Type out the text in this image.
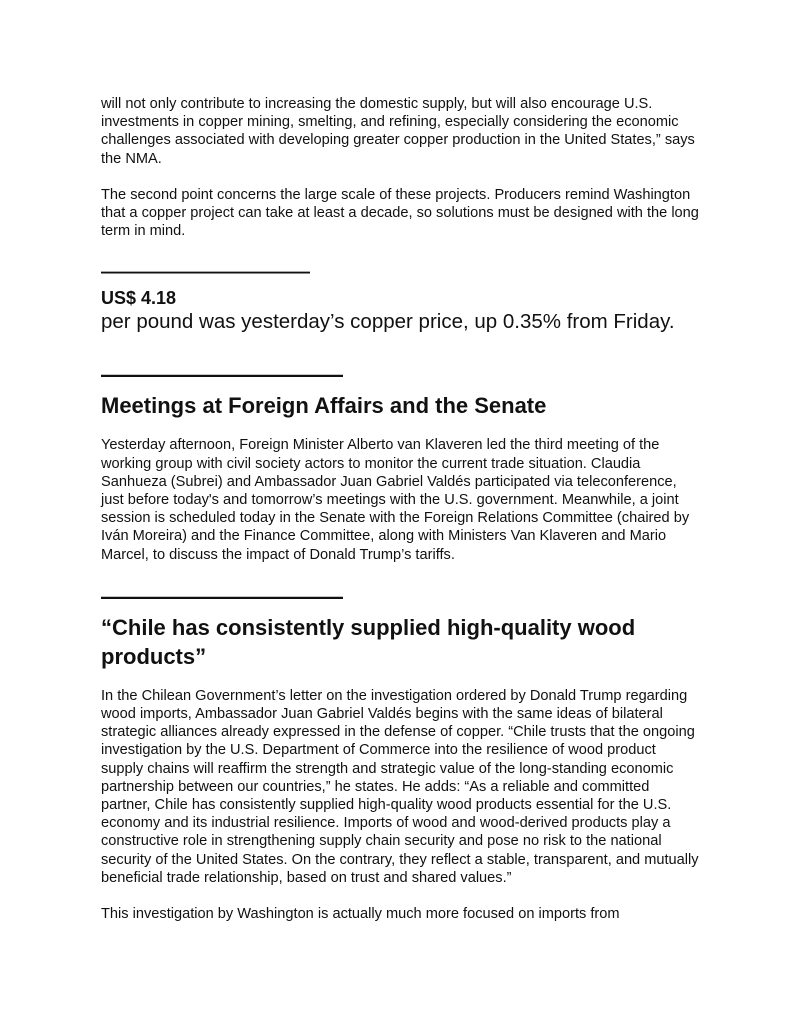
will not only contribute to increasing the domestic supply, but will also encourage U.S. investments in copper mining, smelting, and refining, especially considering the economic challenges associated with developing greater copper production in the United States,” says the NMA.

The second point concerns the large scale of these projects. Producers remind Washington that a copper project can take at least a decade, so solutions must be designed with the long term in mind.

———————————

US$ 4.18

per pound was yesterday’s copper price, up 0.35% from Friday.

———————————

Meetings at Foreign Affairs and the Senate

Yesterday afternoon, Foreign Minister Alberto van Klaveren led the third meeting of the working group with civil society actors to monitor the current trade situation. Claudia Sanhueza (Subrei) and Ambassador Juan Gabriel Valdés participated via teleconference, just before today's and tomorrow’s meetings with the U.S. government. Meanwhile, a joint session is scheduled today in the Senate with the Foreign Relations Committee (chaired by Iván Moreira) and the Finance Committee, along with Ministers Van Klaveren and Mario Marcel, to discuss the impact of Donald Trump’s tariffs.

———————————

“Chile has consistently supplied high-quality wood products”

In the Chilean Government’s letter on the investigation ordered by Donald Trump regarding wood imports, Ambassador Juan Gabriel Valdés begins with the same ideas of bilateral strategic alliances already expressed in the defense of copper. “Chile trusts that the ongoing investigation by the U.S. Department of Commerce into the resilience of wood product supply chains will reaffirm the strength and strategic value of the long-standing economic partnership between our countries,” he states. He adds: “As a reliable and committed partner, Chile has consistently supplied high-quality wood products essential for the U.S. economy and its industrial resilience. Imports of wood and wood-derived products play a constructive role in strengthening supply chain security and pose no risk to the national security of the United States. On the contrary, they reflect a stable, transparent, and mutually beneficial trade relationship, based on trust and shared values.”

This investigation by Washington is actually much more focused on imports from
